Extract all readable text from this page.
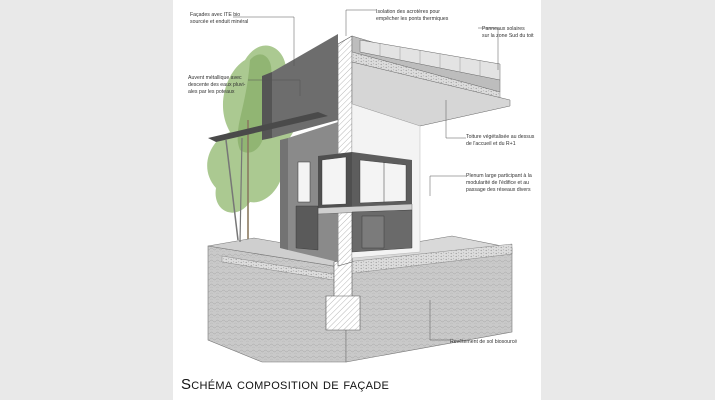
Façades avec ITE bio sourcée et enduit minéral
Auvent métallique avec descente des eaux pluvi- ales par les poteaux
Isolation des acrotères pour empêcher les ponts thermiques
Panneaux solaires sur la zone Sud du toit
Toiture végétalisée au dessus de l'accueil et du R+1
Plenum large participant à la modularité de l'édifice et au passage des réseaux divers
Revêtement de sol biosourcé
Schéma composition de façade
